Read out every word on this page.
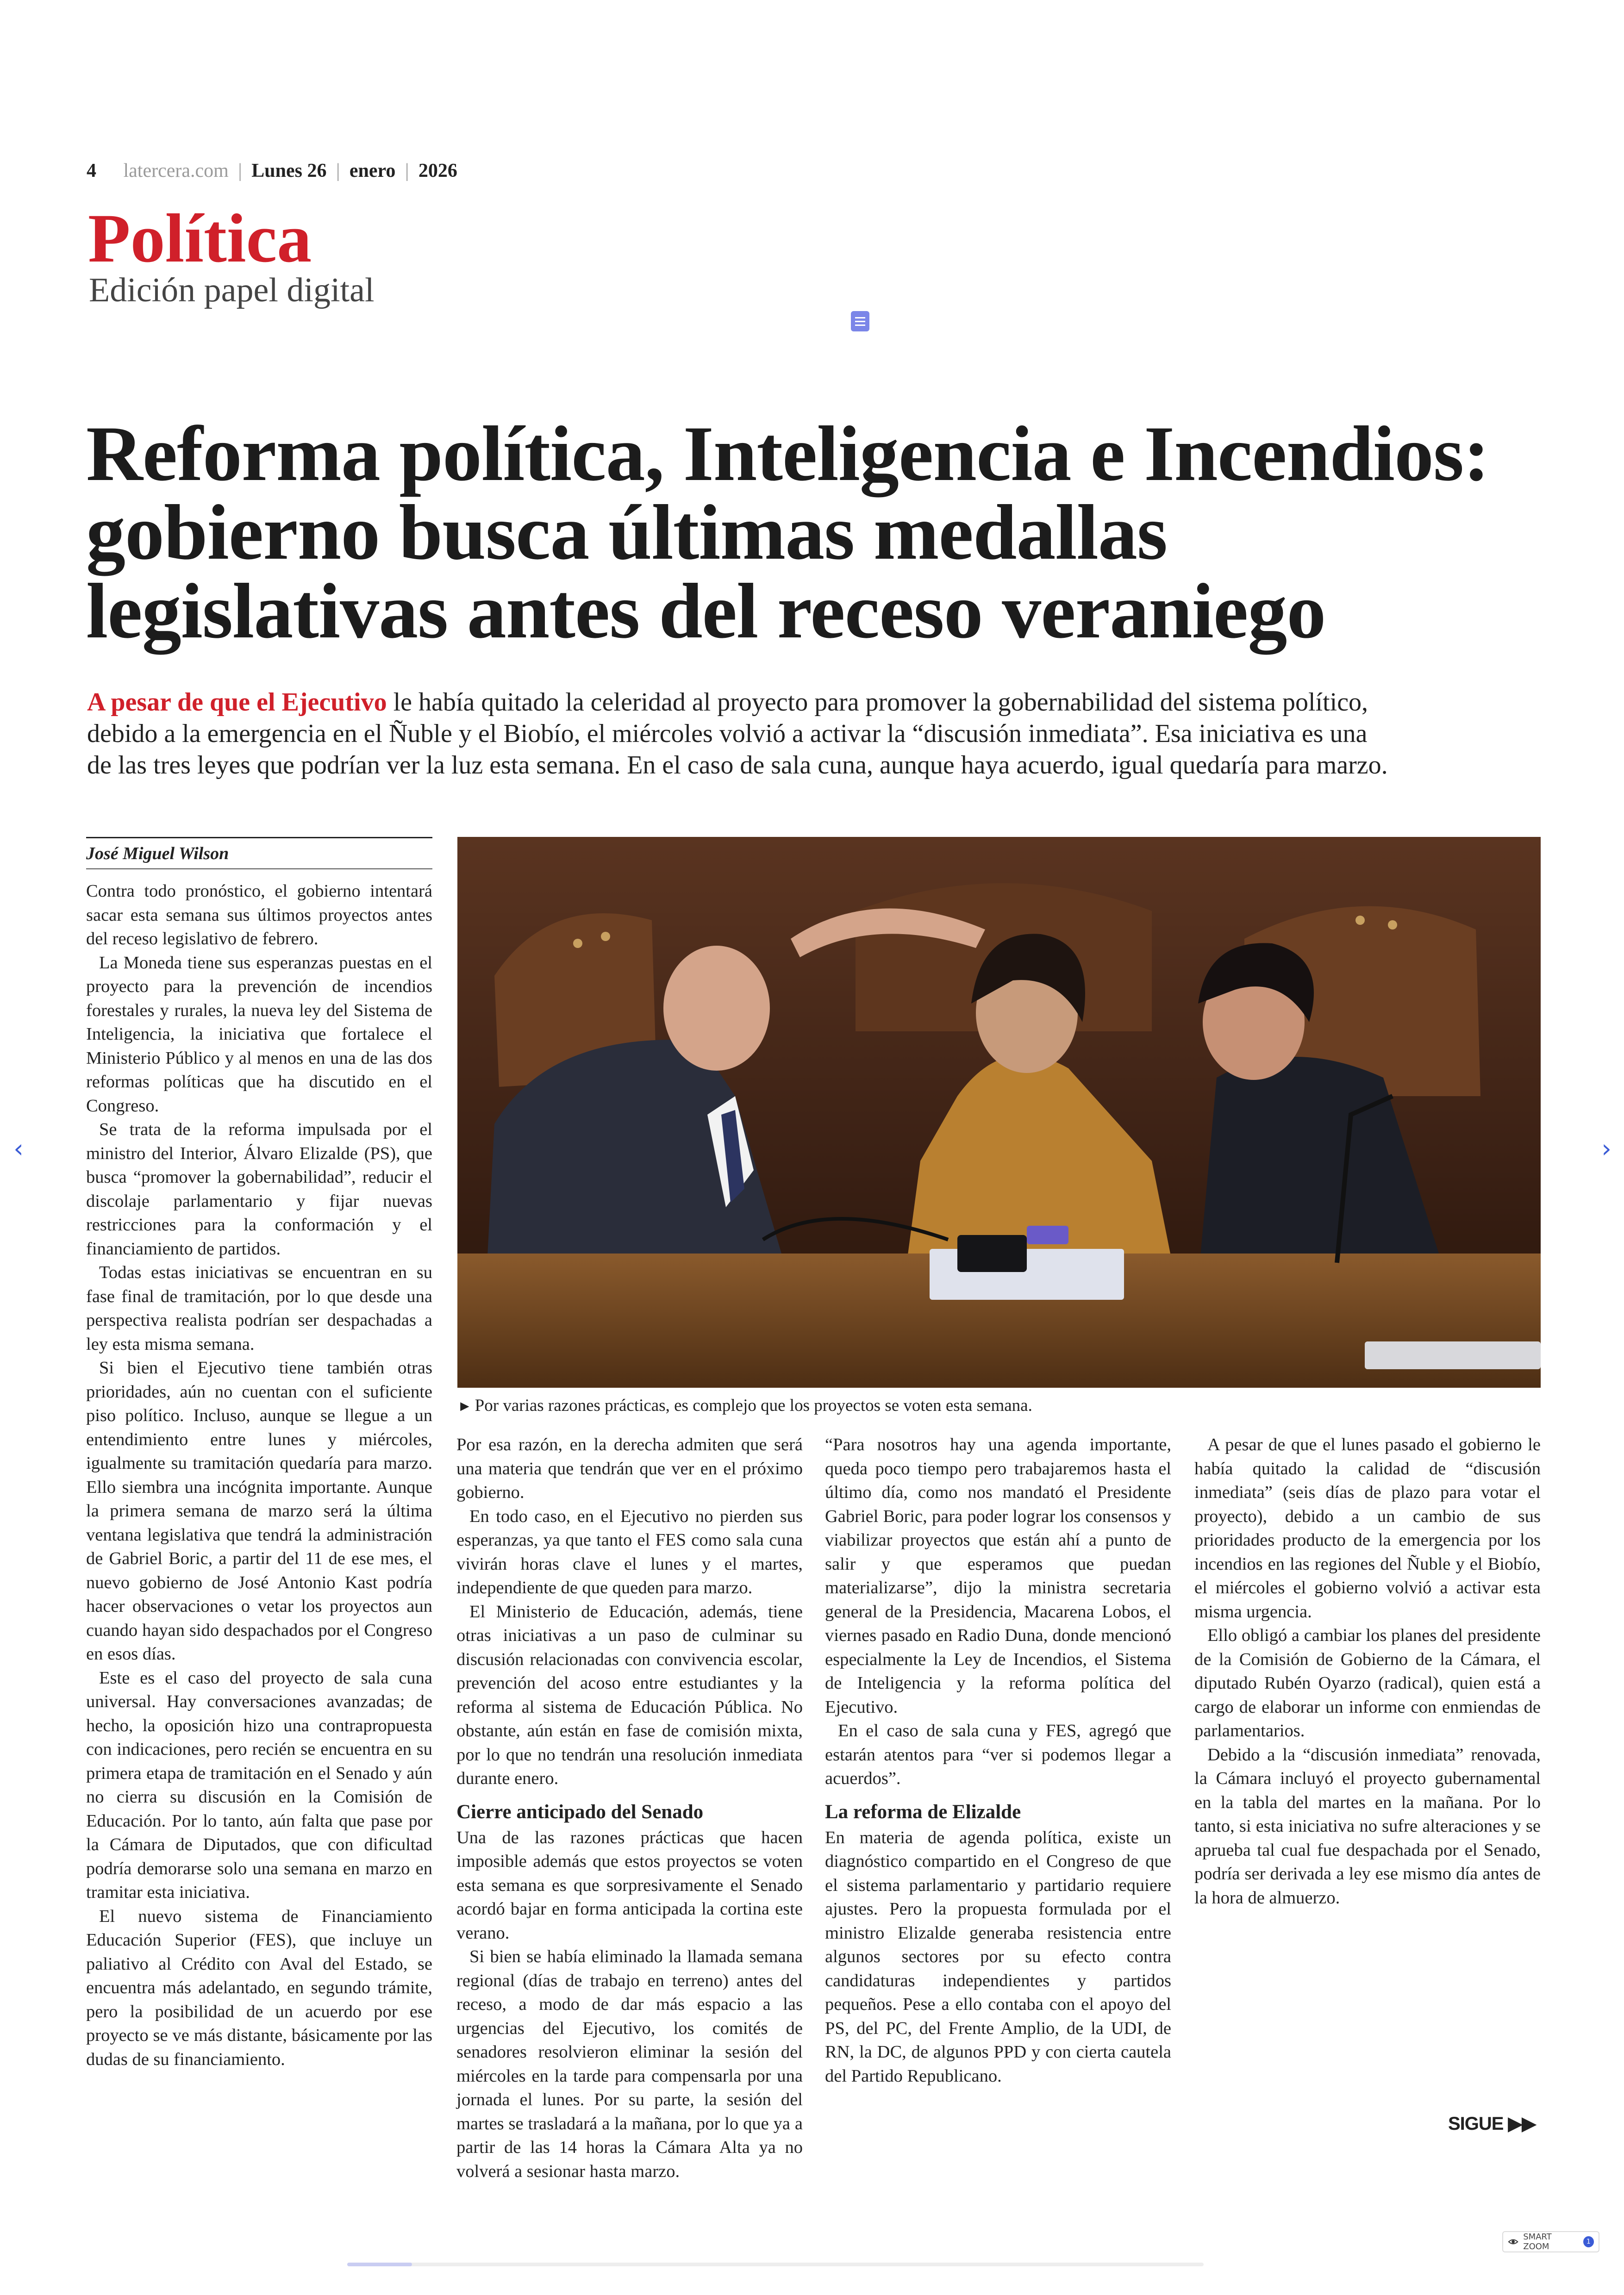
4 latercera.com | Lunes 26 | enero | 2026
Política
Edición papel digital
Reforma política, Inteligencia e Incendios:
gobierno busca últimas medallas
legislativas antes del receso veraniego
A pesar de que el Ejecutivo le había quitado la celeridad al proyecto para promover la gobernabilidad del sistema político,
debido a la emergencia en el Ñuble y el Biobío, el miércoles volvió a activar la “discusión inmediata”. Esa iniciativa es una
de las tres leyes que podrían ver la luz esta semana. En el caso de sala cuna, aunque haya acuerdo, igual quedaría para marzo.
José Miguel Wilson

Contra todo pronóstico, el gobierno intentará sacar esta semana sus últimos proyectos antes del receso legislativo de febrero.

La Moneda tiene sus esperanzas puestas en el proyecto para la prevención de incendios forestales y rurales, la nueva ley del Sistema de Inteligencia, la iniciativa que fortalece el Ministerio Público y al menos en una de las dos reformas políticas que ha discutido en el Congreso.

Se trata de la reforma impulsada por el ministro del Interior, Álvaro Elizalde (PS), que busca “promover la gobernabilidad”, reducir el discolaje parlamentario y fijar nuevas restricciones para la conformación y el financiamiento de partidos.

Todas estas iniciativas se encuentran en su fase final de tramitación, por lo que desde una perspectiva realista podrían ser despachadas a ley esta misma semana.

Si bien el Ejecutivo tiene también otras prioridades, aún no cuentan con el suficiente piso político. Incluso, aunque se llegue a un entendimiento entre lunes y miércoles, igualmente su tramitación quedaría para marzo. Ello siembra una incógnita importante. Aunque la primera semana de marzo será la última ventana legislativa que tendrá la administración de Gabriel Boric, a partir del 11 de ese mes, el nuevo gobierno de José Antonio Kast podría hacer observaciones o vetar los proyectos aun cuando hayan sido despachados por el Congreso en esos días.

Este es el caso del proyecto de sala cuna universal. Hay conversaciones avanzadas; de hecho, la oposición hizo una contrapropuesta con indicaciones, pero recién se encuentra en su primera etapa de tramitación en el Senado y aún no cierra su discusión en la Comisión de Educación. Por lo tanto, aún falta que pase por la Cámara de Diputados, que con dificultad podría demorarse solo una semana en marzo en tramitar esta iniciativa.

El nuevo sistema de Financiamiento Educación Superior (FES), que incluye un paliativo al Crédito con Aval del Estado, se encuentra más adelantado, en segundo trámite, pero la posibilidad de un acuerdo por ese proyecto se ve más distante, básicamente por las dudas de su financiamiento.

► Por varias razones prácticas, es complejo que los proyectos se voten esta semana.

Por esa razón, en la derecha admiten que será una materia que tendrán que ver en el próximo gobierno.

En todo caso, en el Ejecutivo no pierden sus esperanzas, ya que tanto el FES como sala cuna vivirán horas clave el lunes y el martes, independiente de que queden para marzo.

El Ministerio de Educación, además, tiene otras iniciativas a un paso de culminar su discusión relacionadas con convivencia escolar, prevención del acoso entre estudiantes y la reforma al sistema de Educación Pública. No obstante, aún están en fase de comisión mixta, por lo que no tendrán una resolución inmediata durante enero.

Cierre anticipado del Senado

Una de las razones prácticas que hacen imposible además que estos proyectos se voten esta semana es que sorpresivamente el Senado acordó bajar en forma anticipada la cortina este verano.

Si bien se había eliminado la llamada semana regional (días de trabajo en terreno) antes del receso, a modo de dar más espacio a las urgencias del Ejecutivo, los comités de senadores resolvieron eliminar la sesión del miércoles en la tarde para compensarla por una jornada el lunes. Por su parte, la sesión del martes se trasladará a la mañana, por lo que ya a partir de las 14 horas la Cámara Alta ya no volverá a sesionar hasta marzo.

“Para nosotros hay una agenda importante, queda poco tiempo pero trabajaremos hasta el último día, como nos mandató el Presidente Gabriel Boric, para poder lograr los consensos y viabilizar proyectos que están ahí a punto de salir y que esperamos que puedan materializarse”, dijo la ministra secretaria general de la Presidencia, Macarena Lobos, el viernes pasado en Radio Duna, donde mencionó especialmente la Ley de Incendios, el Sistema de Inteligencia y la reforma política del Ejecutivo.

En el caso de sala cuna y FES, agregó que estarán atentos para “ver si podemos llegar a acuerdos”.

La reforma de Elizalde

En materia de agenda política, existe un diagnóstico compartido en el Congreso de que el sistema parlamentario y partidario requiere ajustes. Pero la propuesta formulada por el ministro Elizalde generaba resistencia entre algunos sectores por su efecto contra candidaturas independientes y partidos pequeños. Pese a ello contaba con el apoyo del PS, del PC, del Frente Amplio, de la UDI, de RN, la DC, de algunos PPD y con cierta cautela del Partido Republicano.

A pesar de que el lunes pasado el gobierno le había quitado la calidad de “discusión inmediata” (seis días de plazo para votar el proyecto), debido a un cambio de sus prioridades producto de la emergencia por los incendios en las regiones del Ñuble y el Biobío, el miércoles el gobierno volvió a activar esta misma urgencia.

Ello obligó a cambiar los planes del presidente de la Comisión de Gobierno de la Cámara, el diputado Rubén Oyarzo (radical), quien está a cargo de elaborar un informe con enmiendas de parlamentarios.

Debido a la “discusión inmediata” renovada, la Cámara incluyó el proyecto gubernamental en la tabla del martes en la mañana. Por lo tanto, si esta iniciativa no sufre alteraciones y se aprueba tal cual fue despachada por el Senado, podría ser derivada a ley ese mismo día antes de la hora de almuerzo.

SIGUE ▶▶
‹	›
SMART ZOOM	1
